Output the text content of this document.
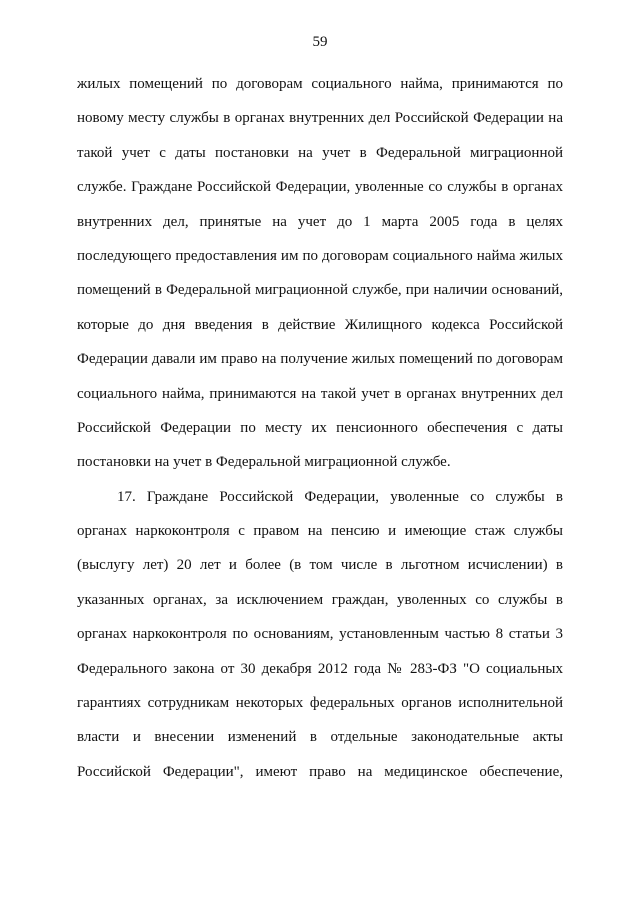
59
жилых помещений по договорам социального найма, принимаются по
новому месту службы в органах внутренних дел Российской Федерации на
такой учет с даты постановки на учет в Федеральной миграционной
службе. Граждане Российской Федерации, уволенные со службы в органах
внутренних дел, принятые на учет до 1 марта 2005 года в целях
последующего предоставления им по договорам социального найма жилых
помещений в Федеральной миграционной службе, при наличии оснований,
которые до дня введения в действие Жилищного кодекса Российской
Федерации давали им право на получение жилых помещений по договорам
социального найма, принимаются на такой учет в органах внутренних дел
Российской Федерации по месту их пенсионного обеспечения с даты
постановки на учет в Федеральной миграционной службе.
17. Граждане Российской Федерации, уволенные со службы в
органах наркоконтроля с правом на пенсию и имеющие стаж службы
(выслугу лет) 20 лет и более (в том числе в льготном исчислении) в
указанных органах, за исключением граждан, уволенных со службы в
органах наркоконтроля по основаниям, установленным частью 8 статьи 3
Федерального закона от 30 декабря 2012 года № 283-ФЗ "О социальных
гарантиях сотрудникам некоторых федеральных органов исполнительной
власти и внесении изменений в отдельные законодательные акты
Российской Федерации", имеют право на медицинское обеспечение,
